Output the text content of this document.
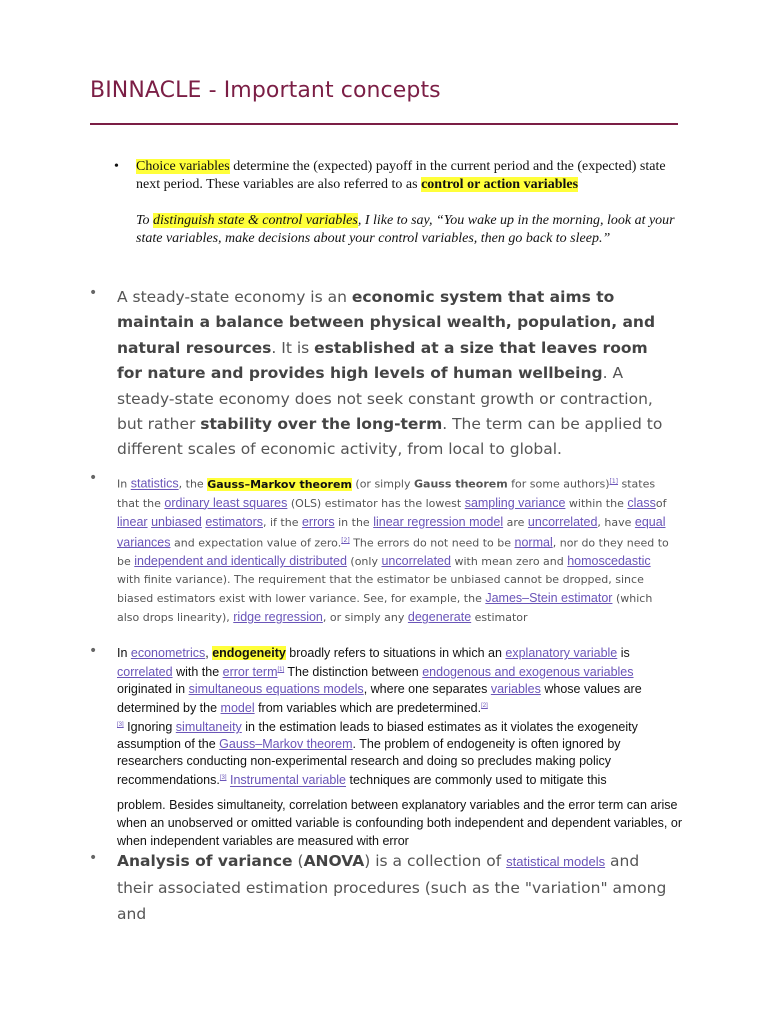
BINNACLE - Important concepts
• Choice variables determine the (expected) payoff in the current period and the (expected) state next period. These variables are also referred to as control or action variables
To distinguish state & control variables, I like to say, “You wake up in the morning, look at your state variables, make decisions about your control variables, then go back to sleep.”
• A steady-state economy is an economic system that aims to maintain a balance between physical wealth, population, and natural resources. It is established at a size that leaves room for nature and provides high levels of human wellbeing. A steady-state economy does not seek constant growth or contraction, but rather stability over the long-term. The term can be applied to different scales of economic activity, from local to global.
• In statistics, the Gauss–Markov theorem (or simply Gauss theorem for some authors)[1] states that the ordinary least squares (OLS) estimator has the lowest sampling variance within the classof linear unbiased estimators, if the errors in the linear regression model are uncorrelated, have equal variances and expectation value of zero.[2] The errors do not need to be normal, nor do they need to be independent and identically distributed (only uncorrelated with mean zero and homoscedastic with finite variance). The requirement that the estimator be unbiased cannot be dropped, since biased estimators exist with lower variance. See, for example, the James–Stein estimator (which also drops linearity), ridge regression, or simply any degenerate estimator
• In econometrics, endogeneity broadly refers to situations in which an explanatory variable is correlated with the error term[1] The distinction between endogenous and exogenous variables originated in simultaneous equations models, where one separates variables whose values are determined by the model from variables which are predetermined.[2]
[3] Ignoring simultaneity in the estimation leads to biased estimates as it violates the exogeneity assumption of the Gauss–Markov theorem. The problem of endogeneity is often ignored by researchers conducting non-experimental research and doing so precludes making policy recommendations.[3] Instrumental variable techniques are commonly used to mitigate this
problem. Besides simultaneity, correlation between explanatory variables and the error term can arise when an unobserved or omitted variable is confounding both independent and dependent variables, or when independent variables are measured with error
• Analysis of variance (ANOVA) is a collection of statistical models and their associated estimation procedures (such as the "variation" among and
